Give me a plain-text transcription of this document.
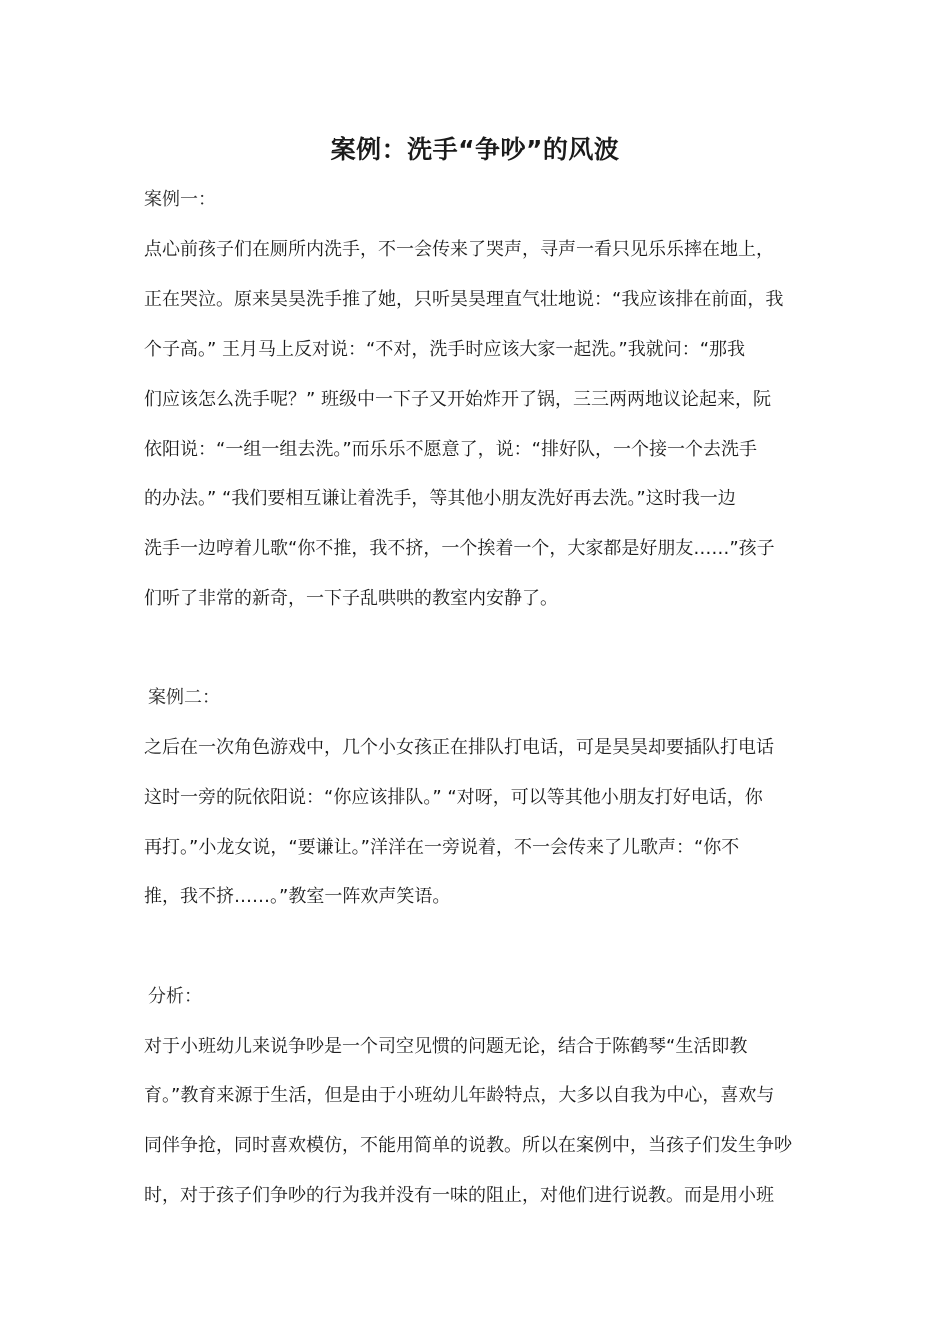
案例：洗手“争吵”的风波
案例一：
点心前孩子们在厕所内洗手，不一会传来了哭声，寻声一看只见乐乐摔在地上，
正在哭泣。原来昊昊洗手推了她，只听昊昊理直气壮地说：“我应该排在前面，我
个子高。” 王月马上反对说：“不对，洗手时应该大家一起洗。”我就问：“那我
们应该怎么洗手呢？” 班级中一下子又开始炸开了锅，三三两两地议论起来，阮
依阳说：“一组一组去洗。”而乐乐不愿意了，说：“排好队，一个接一个去洗手
的办法。” “我们要相互谦让着洗手，等其他小朋友洗好再去洗。”这时我一边
洗手一边哼着儿歌“你不推，我不挤，一个挨着一个，大家都是好朋友……”孩子
们听了非常的新奇，一下子乱哄哄的教室内安静了。
案例二：
之后在一次角色游戏中，几个小女孩正在排队打电话，可是昊昊却要插队打电话
这时一旁的阮依阳说：“你应该排队。” “对呀，可以等其他小朋友打好电话，你
再打。”小龙女说，“要谦让。”洋洋在一旁说着，不一会传来了儿歌声：“你不
推，我不挤……。”教室一阵欢声笑语。
分析：
对于小班幼儿来说争吵是一个司空见惯的问题无论，结合于陈鹤琴“生活即教
育。”教育来源于生活，但是由于小班幼儿年龄特点，大多以自我为中心，喜欢与
同伴争抢，同时喜欢模仿，不能用简单的说教。所以在案例中，当孩子们发生争吵
时，对于孩子们争吵的行为我并没有一味的阻止，对他们进行说教。而是用小班
